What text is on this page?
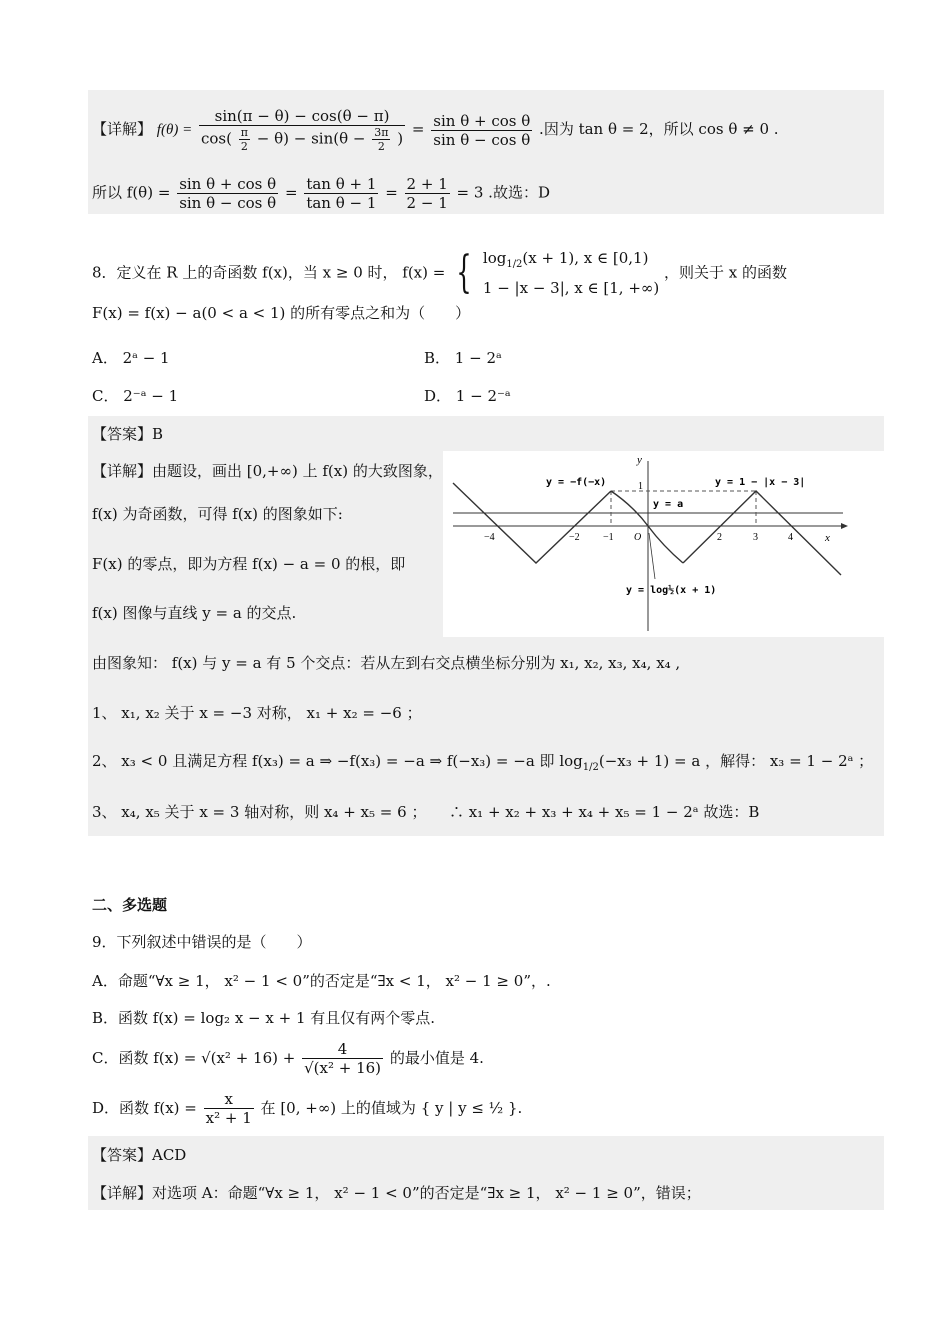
【详解】 $f(\theta) = \frac{\sin(\pi - \theta) - \cos(\theta - \pi)}{\cos( \frac{\pi}{2} - \theta) - \sin(\theta - \frac{3\pi}{2} )} = \frac{\text{sin θ + cos θ}}{\text{sin θ − cos θ}}$ .因为 tan θ = 2，所以 cos θ ≠ 0 .
所以 $f(\theta) = \frac{\text{sin θ + cos θ}}{\text{sin θ − cos θ}} = \frac{\text{tan θ + 1}}{\text{tan θ − 1}} = \frac{2 + 1}{2 - 1} = 3$ .故选：D
8．定义在 R 上的奇函数 f(x)，当 x ≥ 0 时， f(x) = { $\log_{1/2}(x + 1)$, x ∈ [0,1)
1 − |x − 3|, x ∈ [1, +∞)
，则关于 x 的函数
F(x) = f(x) − a(0 < a < 1) 的所有零点之和为（　　）
A． 2ᵃ − 1	B． 1 − 2ᵃ
C． 2⁻ᵃ − 1	D． 1 − 2⁻ᵃ
【答案】B
【详解】由题设，画出 [0,+∞) 上 f(x) 的大致图象，
f(x) 为奇函数，可得 f(x) 的图象如下:
F(x) 的零点，即为方程 f(x) − a = 0 的根，即
f(x) 图像与直线 y = a 的交点.
y
x
O
1
−4	−2 −1	2	3	4
y = −f(−x)	y = 1 − |x − 3|
y = a
y = log½(x + 1)
由图象知： f(x) 与 y = a 有 5 个交点：若从左到右交点横坐标分别为 x₁, x₂, x₃, x₄, x₄ ,
1、 x₁, x₂ 关于 x = −3 对称， x₁ + x₂ = −6 ；
2、 x₃ < 0 且满足方程 f(x₃) = a ⇒ −f(x₃) = −a ⇒ f(−x₃) = −a 即 $\log_{1/2}(-x_3 + 1) = a$ ，解得： x₃ = 1 − 2ᵃ ；
3、 x₄, x₅ 关于 x = 3 轴对称，则 x₄ + x₅ = 6 ；　　∴ x₁ + x₂ + x₃ + x₄ + x₅ = 1 − 2ᵃ 故选：B
二、多选题
9．下列叙述中错误的是（　　）
A．命题“∀x ≥ 1， x² − 1 < 0”的否定是“∃x < 1， x² − 1 ≥ 0”，.
B．函数 f(x) = log₂ x − x + 1 有且仅有两个零点.
C．函数 $f(x) = √(x^2 + 16) + \frac{4}{\text{√(x² + 16)}}$ 的最小值是 4.
D．函数 $f(x) = \frac{x}{\text{x² + 1}}$ 在 [0, +∞) 上的值域为 { y | y ≤ ½ }.
【答案】ACD
【详解】对选项 A：命题“∀x ≥ 1， x² − 1 < 0”的否定是“∃x ≥ 1， x² − 1 ≥ 0”，错误；
